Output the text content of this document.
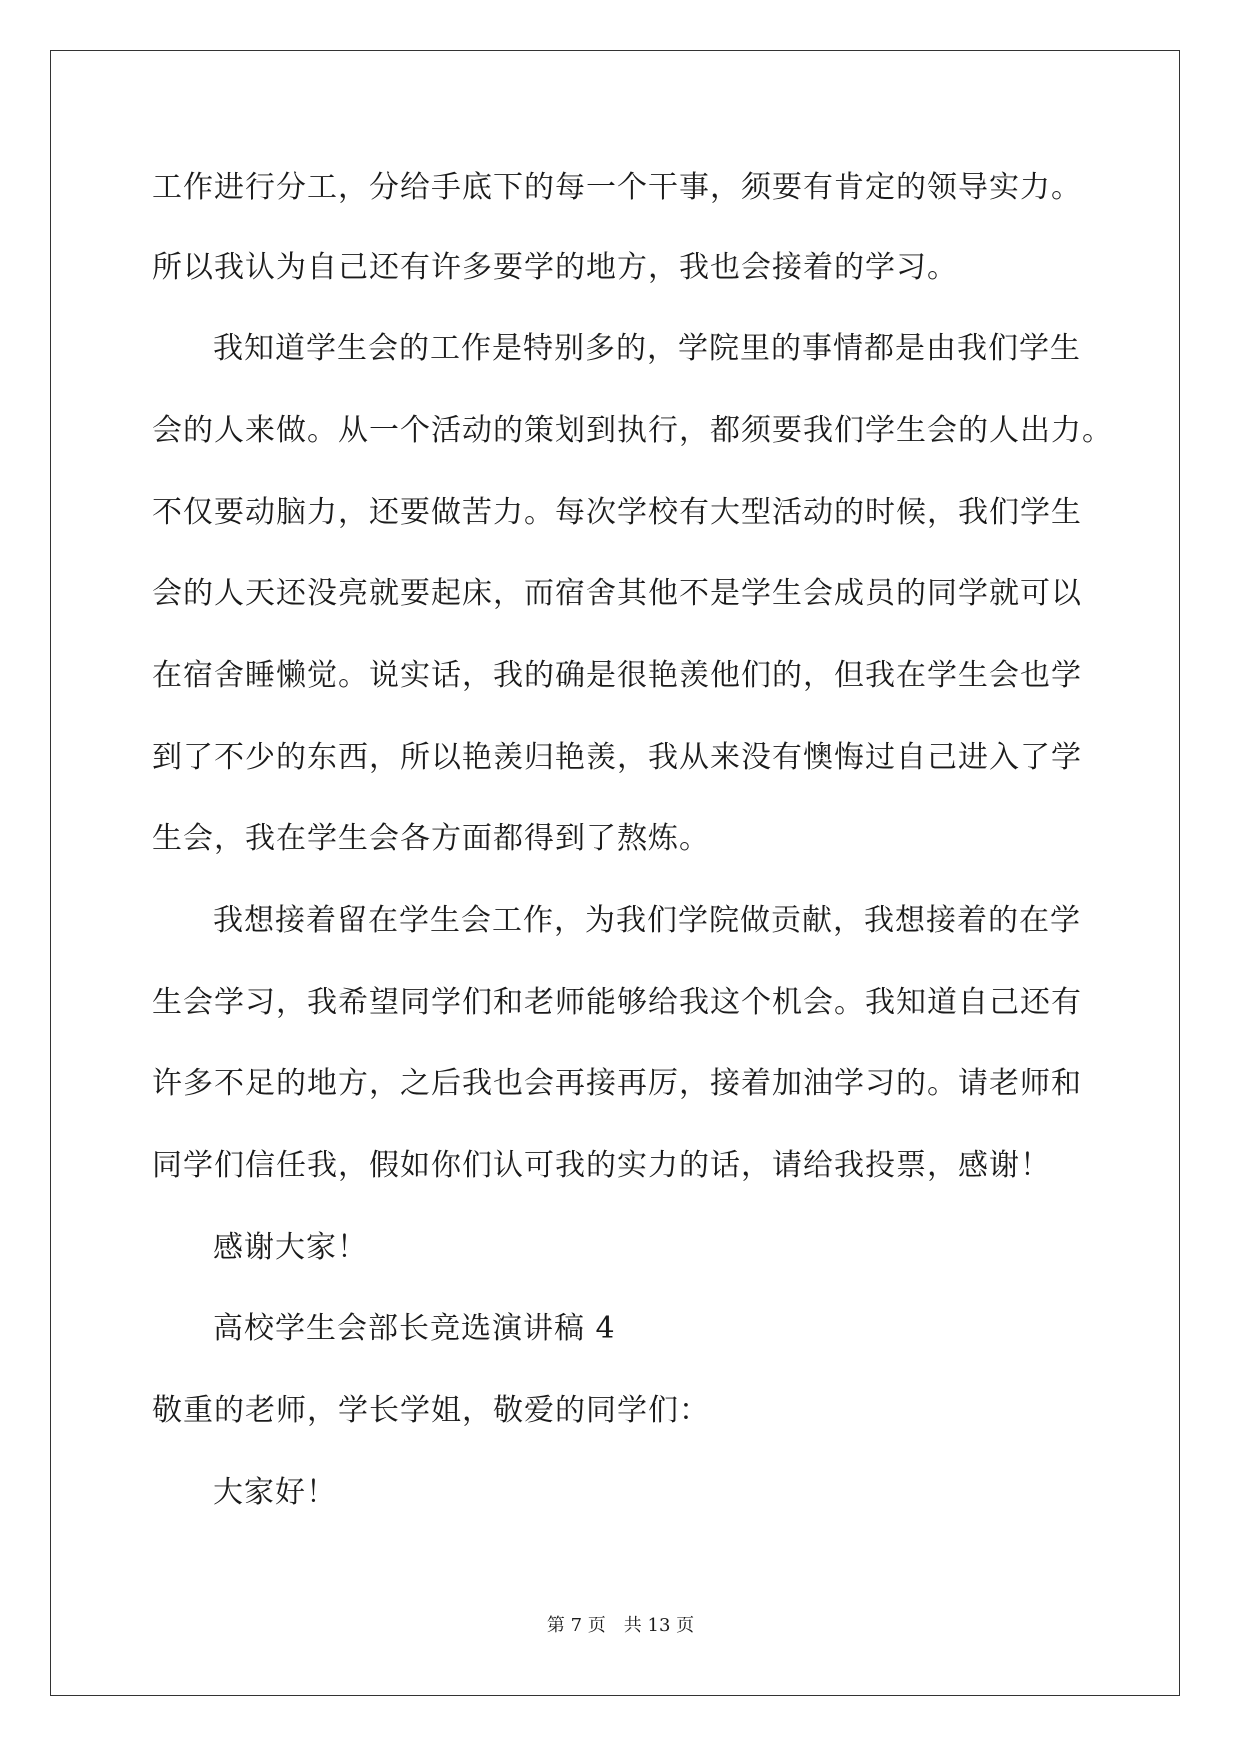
工作进行分工，分给手底下的每一个干事，须要有肯定的领导实力。
所以我认为自己还有许多要学的地方，我也会接着的学习。
我知道学生会的工作是特别多的，学院里的事情都是由我们学生
会的人来做。从一个活动的策划到执行，都须要我们学生会的人出力。
不仅要动脑力，还要做苦力。每次学校有大型活动的时候，我们学生
会的人天还没亮就要起床，而宿舍其他不是学生会成员的同学就可以
在宿舍睡懒觉。说实话，我的确是很艳羡他们的，但我在学生会也学
到了不少的东西，所以艳羡归艳羡，我从来没有懊悔过自己进入了学
生会，我在学生会各方面都得到了熬炼。
我想接着留在学生会工作，为我们学院做贡献，我想接着的在学
生会学习，我希望同学们和老师能够给我这个机会。我知道自己还有
许多不足的地方，之后我也会再接再厉，接着加油学习的。请老师和
同学们信任我，假如你们认可我的实力的话，请给我投票，感谢！
感谢大家！
高校学生会部长竞选演讲稿 4
敬重的老师，学长学姐，敬爱的同学们：
大家好！
第 7 页　共 13 页
